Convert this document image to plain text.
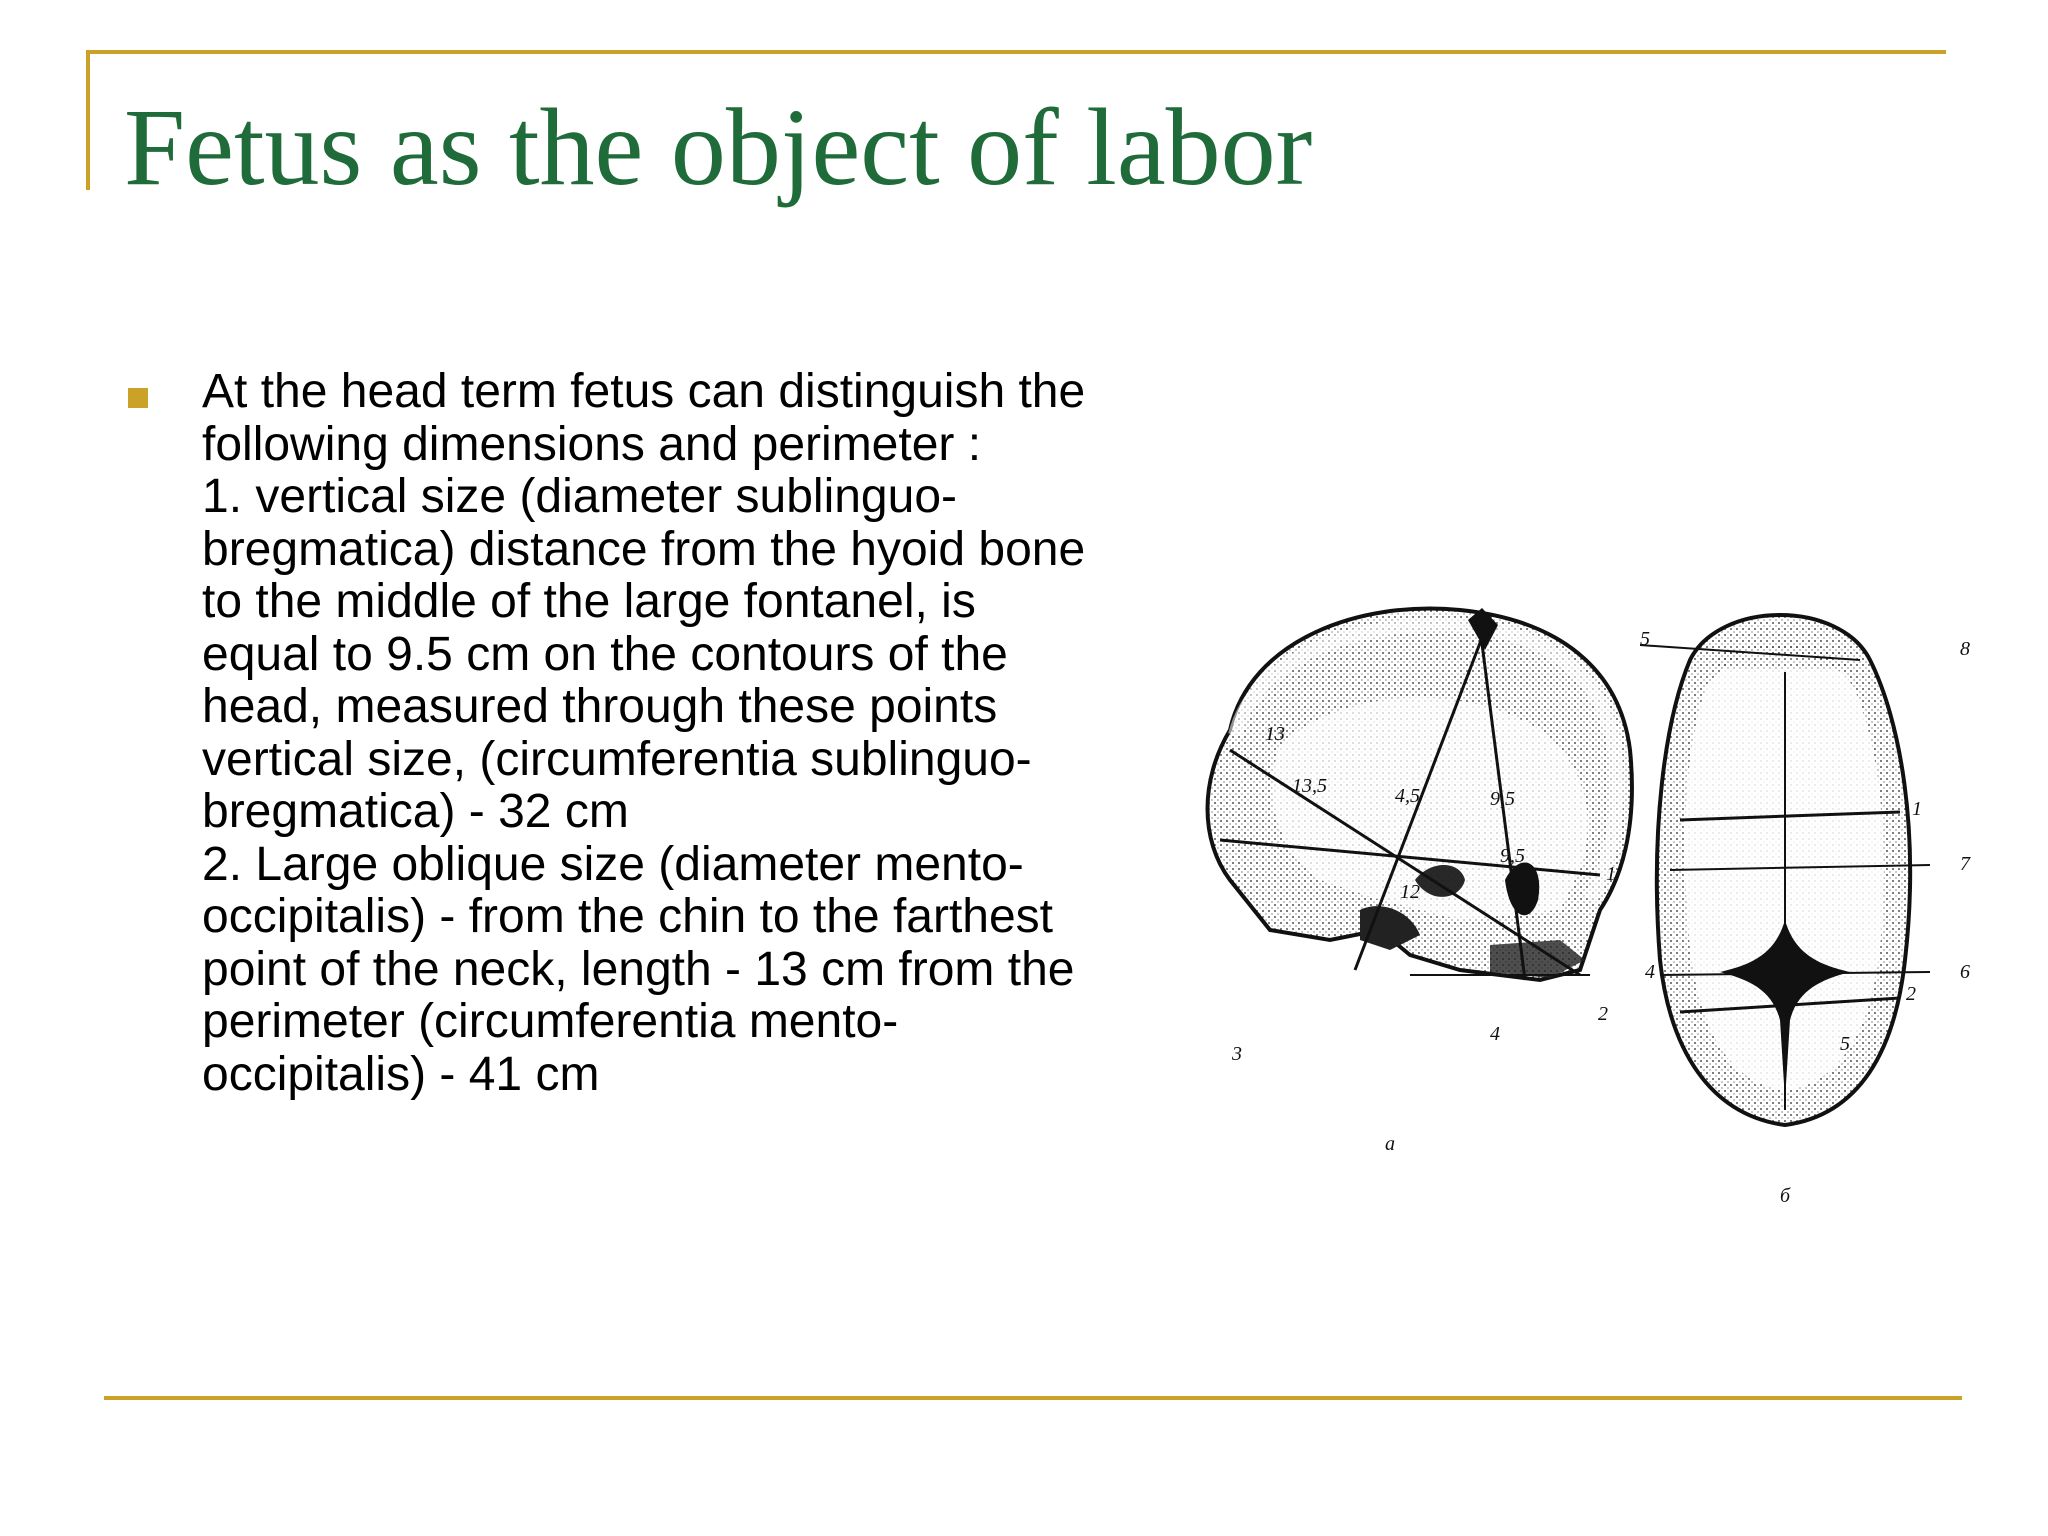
Fetus as the object of labor
At the head term fetus can distinguish the
following dimensions and perimeter :
1. vertical size (diameter sublinguo-
bregmatica) distance from the hyoid bone
to the middle of the large fontanel, is
equal to 9.5 cm on the contours of the
head, measured through these points
vertical size, (circumferentia sublinguo-
bregmatica) - 32 cm
2. Large oblique size (diameter mento-
occipitalis) - from the chin to the farthest
point of the neck, length - 13 cm from the
perimeter (circumferentia mento-
occipitalis) - 41 cm
13
13,5	4,5	9,5
9,5
12
1
2
3
4
a
5	8
1
7
4	6
2
5
б
